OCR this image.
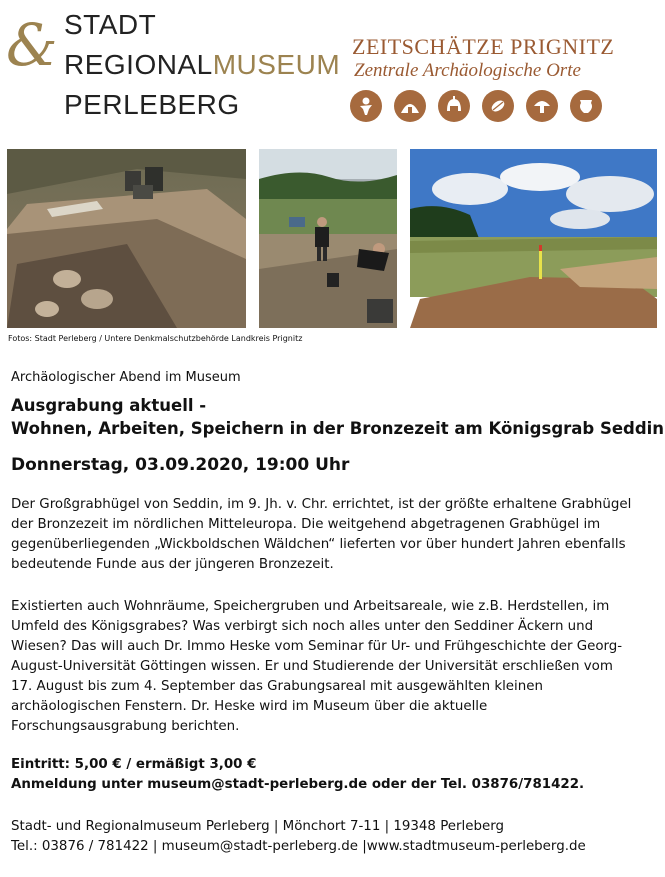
& STADT
REGIONALMUSEUM
PERLEBERG
ZEITSCHÄTZE PRIGNITZ
Zentrale Archäologische Orte
Fotos: Stadt Perleberg / Untere Denkmalschutzbehörde Landkreis Prignitz
Archäologischer Abend im Museum
Ausgrabung aktuell -
Wohnen, Arbeiten, Speichern in der Bronzezeit am Königsgrab Seddin
Donnerstag, 03.09.2020, 19:00 Uhr
Der Großgrabhügel von Seddin, im 9. Jh. v. Chr. errichtet, ist der größte erhaltene Grabhügel
der Bronzezeit im nördlichen Mitteleuropa. Die weitgehend abgetragenen Grabhügel im
gegenüberliegenden „Wickboldschen Wäldchen“ lieferten vor über hundert Jahren ebenfalls
bedeutende Funde aus der jüngeren Bronzezeit.
Existierten auch Wohnräume, Speichergruben und Arbeitsareale, wie z.B. Herdstellen, im
Umfeld des Königsgrabes? Was verbirgt sich noch alles unter den Seddiner Äckern und
Wiesen? Das will auch Dr. Immo Heske vom Seminar für Ur- und Frühgeschichte der Georg-
August-Universität Göttingen wissen. Er und Studierende der Universität erschließen vom
17. August bis zum 4. September das Grabungsareal mit ausgewählten kleinen
archäologischen Fenstern. Dr. Heske wird im Museum über die aktuelle
Forschungsausgrabung berichten.
Eintritt: 5,00 € / ermäßigt 3,00 €
Anmeldung unter museum@stadt-perleberg.de oder der Tel. 03876/781422.
Stadt- und Regionalmuseum Perleberg | Mönchort 7-11 | 19348 Perleberg
Tel.: 03876 / 781422 | museum@stadt-perleberg.de |www.stadtmuseum-perleberg.de
